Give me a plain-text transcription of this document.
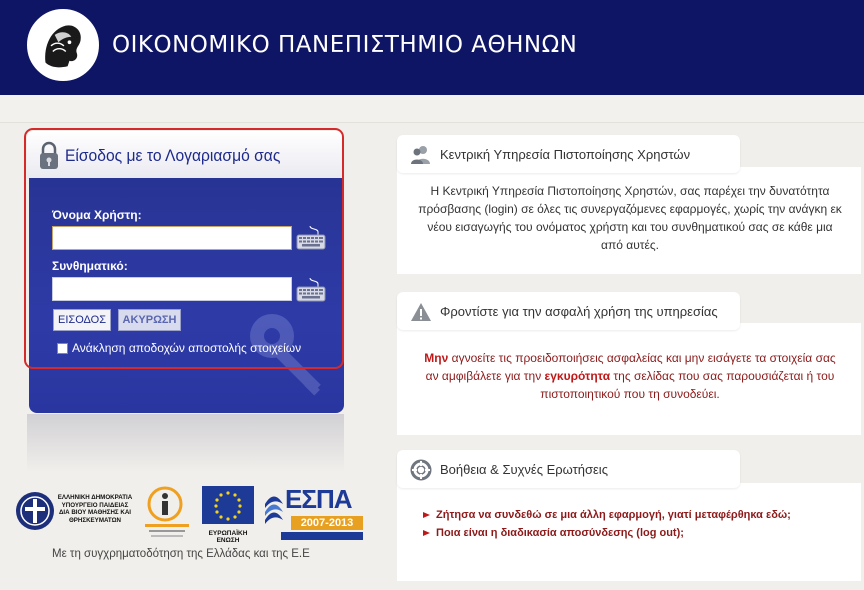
ΟΙΚΟΝΟΜΙΚΟ ΠΑΝΕΠΙΣΤΗΜΙΟ ΑΘΗΝΩΝ
Είσοδος με το Λογαριασμό σας
Όνομα Χρήστη:
Συνθηματικό:
ΕΙΣΟΔΟΣ	ΑΚΥΡΩΣΗ
Ανάκληση αποδοχών αποστολής στοιχείων
ΕΛΛΗΝΙΚΗ ΔΗΜΟΚΡΑΤΙΑ ΥΠΟΥΡΓΕΙΟ ΠΑΙΔΕΙΑΣ ΔΙΑ ΒΙΟΥ ΜΑΘΗΣΗΣ ΚΑΙ ΘΡΗΣΚΕΥΜΑΤΩΝ
ΕΥΡΩΠΑΪΚΗ ΕΝΩΣΗ
ΕΣΠΑ
2007-2013
Με τη συγχρηματοδότηση της Ελλάδας και της Ε.Ε
Η Κεντρική Υπηρεσία Πιστοποίησης Χρηστών, σας παρέχει την δυνατότητα πρόσβασης (login) σε όλες τις συνεργαζόμενες εφαρμογές, χωρίς την ανάγκη εκ νέου εισαγωγής του ονόματος χρήστη και του συνθηματικού σας σε κάθε μια από αυτές.
Κεντρική Υπηρεσία Πιστοποίησης Χρηστών
Μην αγνοείτε τις προειδοποιήσεις ασφαλείας και μην εισάγετε τα στοιχεία σας αν αμφιβάλετε για την εγκυρότητα της σελίδας που σας παρουσιάζεται ή του πιστοποιητικού που τη συνοδεύει.
Φροντίστε για την ασφαλή χρήση της υπηρεσίας
Βοήθεια & Συχνές Ερωτήσεις
Ζήτησα να συνδεθώ σε μια άλλη εφαρμογή, γιατί μεταφέρθηκα εδώ;
Ποια είναι η διαδικασία αποσύνδεσης (log out);
